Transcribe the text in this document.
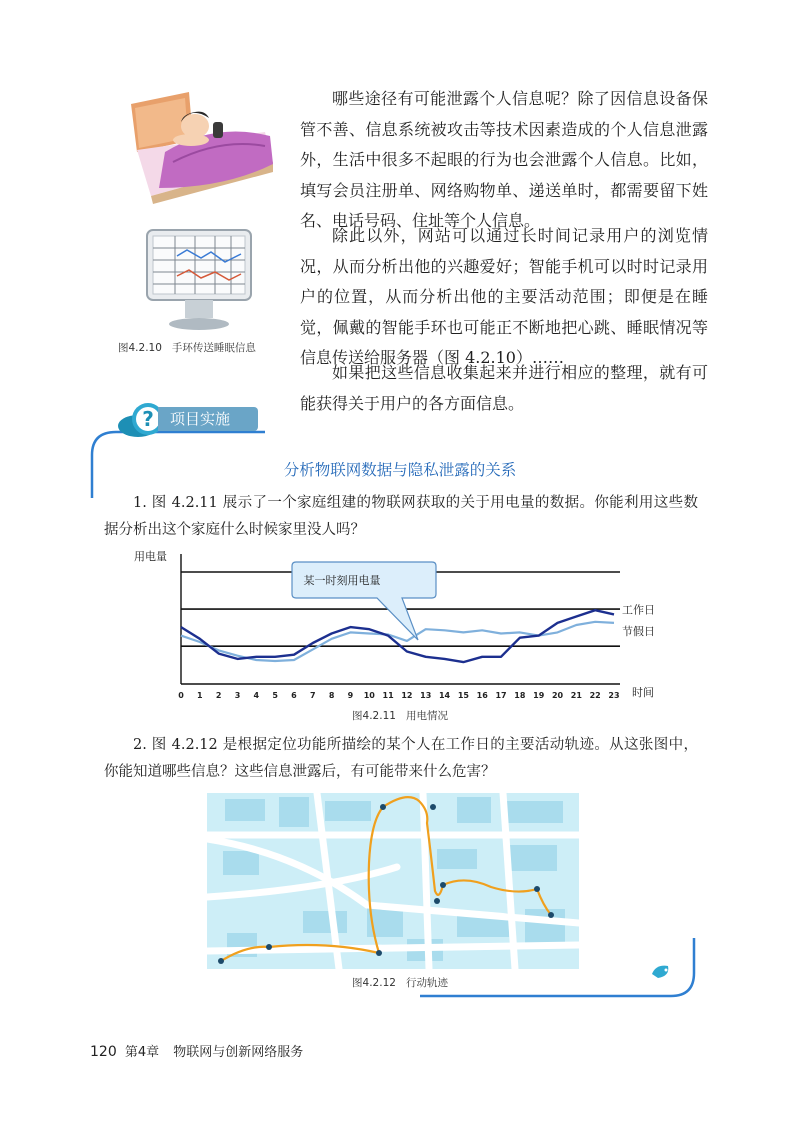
图4.2.10 手环传送睡眠信息

哪些途径有可能泄露个人信息呢？除了因信息设备保管不善、信息系统被攻击等技术因素造成的个人信息泄露外，生活中很多不起眼的行为也会泄露个人信息。比如，填写会员注册单、网络购物单、递送单时，都需要留下姓名、电话号码、住址等个人信息。

除此以外，网站可以通过长时间记录用户的浏览情况，从而分析出他的兴趣爱好；智能手机可以时时记录用户的位置，从而分析出他的主要活动范围；即便是在睡觉，佩戴的智能手环也可能正不断地把心跳、睡眠情况等信息传送给服务器（图 4.2.10）……

如果把这些信息收集起来并进行相应的整理，就有可能获得关于用户的各方面信息。

?	项目实施
分析物联网数据与隐私泄露的关系

1. 图 4.2.11 展示了一个家庭组建的物联网获取的关于用电量的数据。你能利用这些数据分析出这个家庭什么时候家里没人吗？

用电量
某一时刻用电量
工作日
节假日
0 1 2 3 4 5 6 7 8 9 10 11 12 13 14 15 16 17 18 19 20 21 22 23 时间
图4.2.11 用电情况

2. 图 4.2.12 是根据定位功能所描绘的某个人在工作日的主要活动轨迹。从这张图中，你能知道哪些信息？这些信息泄露后，有可能带来什么危害？

图4.2.12 行动轨迹
120 第4章 物联网与创新网络服务
